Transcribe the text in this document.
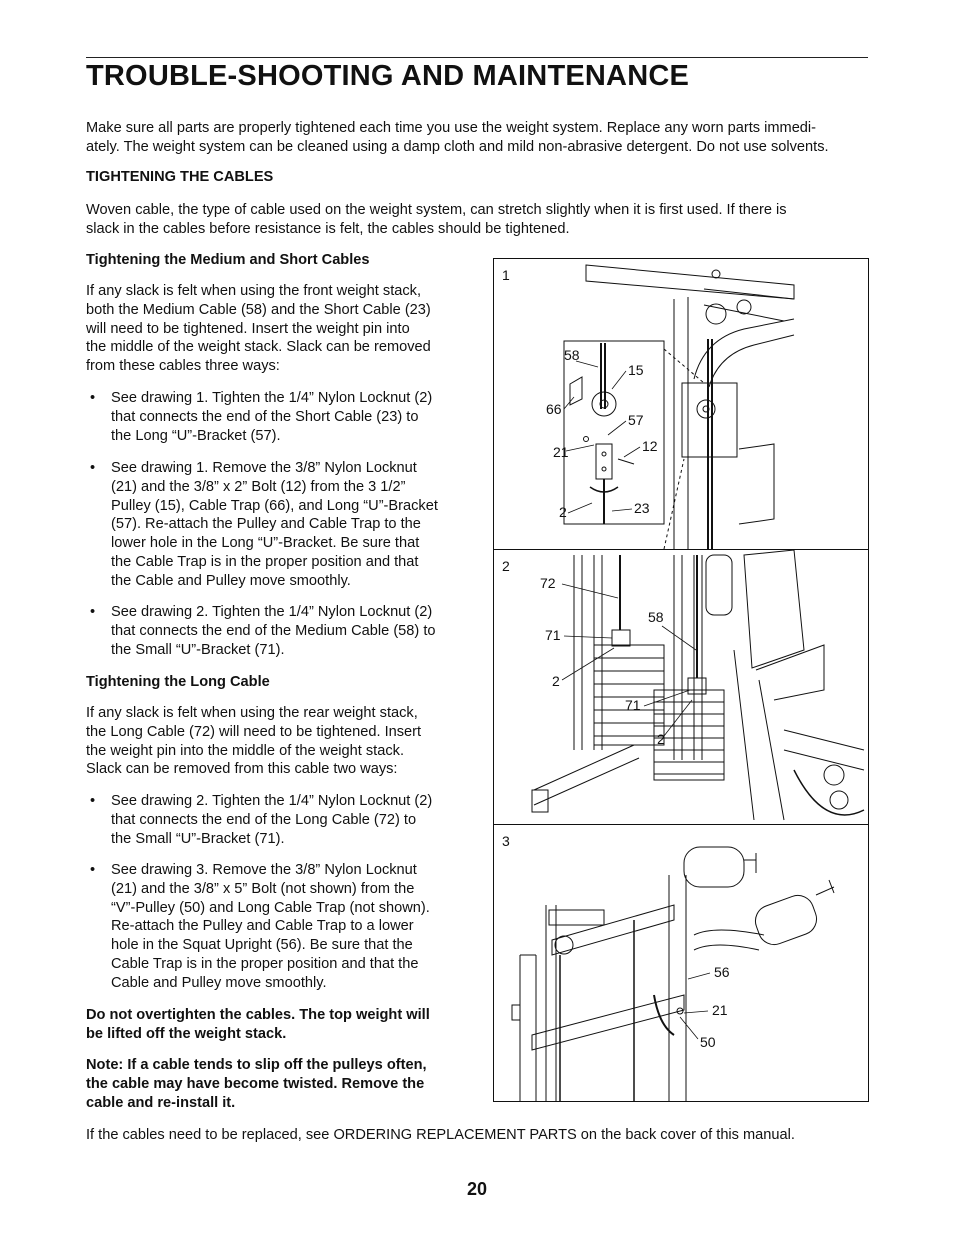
TROUBLE-SHOOTING AND MAINTENANCE

Make sure all parts are properly tightened each time you use the weight system. Replace any worn parts immedi-
ately. The weight system can be cleaned using a damp cloth and mild non-abrasive detergent. Do not use solvents.

TIGHTENING THE CABLES

Woven cable, the type of cable used on the weight system, can stretch slightly when it is first used. If there is
slack in the cables before resistance is felt, the cables should be tightened.

Tightening the Medium and Short Cables

If any slack is felt when using the front weight stack,
both the Medium Cable (58) and the Short Cable (23)
will need to be tightened. Insert the weight pin into
the middle of the weight stack. Slack can be removed
from these cables three ways:

• See drawing 1. Tighten the 1/4” Nylon Locknut (2)
that connects the end of the Short Cable (23) to
the Long “U”-Bracket (57).
• See drawing 1. Remove the 3/8” Nylon Locknut
(21) and the 3/8” x 2” Bolt (12) from the 3 1/2”
Pulley (15), Cable Trap (66), and Long “U”-Bracket
(57). Re-attach the Pulley and Cable Trap to the
lower hole in the Long “U”-Bracket. Be sure that
the Cable Trap is in the proper position and that
the Cable and Pulley move smoothly.
• See drawing 2. Tighten the 1/4” Nylon Locknut (2)
that connects the end of the Medium Cable (58) to
the Small “U”-Bracket (71).

Tightening the Long Cable

If any slack is felt when using the rear weight stack,
the Long Cable (72) will need to be tightened. Insert
the weight pin into the middle of the weight stack.
Slack can be removed from this cable two ways:

• See drawing 2. Tighten the 1/4” Nylon Locknut (2)
that connects the end of the Long Cable (72) to
the Small “U”-Bracket (71).
• See drawing 3. Remove the 3/8” Nylon Locknut
(21) and the 3/8” x 5” Bolt (not shown) from the
“V”-Pulley (50) and Long Cable Trap (not shown).
Re-attach the Pulley and Cable Trap to a lower
hole in the Squat Upright (56). Be sure that the
Cable Trap is in the proper position and that the
Cable and Pulley move smoothly.

Do not overtighten the cables. The top weight will
be lifted off the weight stack.

Note: If a cable tends to slip off the pulleys often,
the cable may have become twisted. Remove the
cable and re-install it.

If the cables need to be replaced, see ORDERING REPLACEMENT PARTS on the back cover of this manual.

20
1
58
15
66
57
21	12
2	23
2
72
58
71
2
71
2
3
56
21
50
